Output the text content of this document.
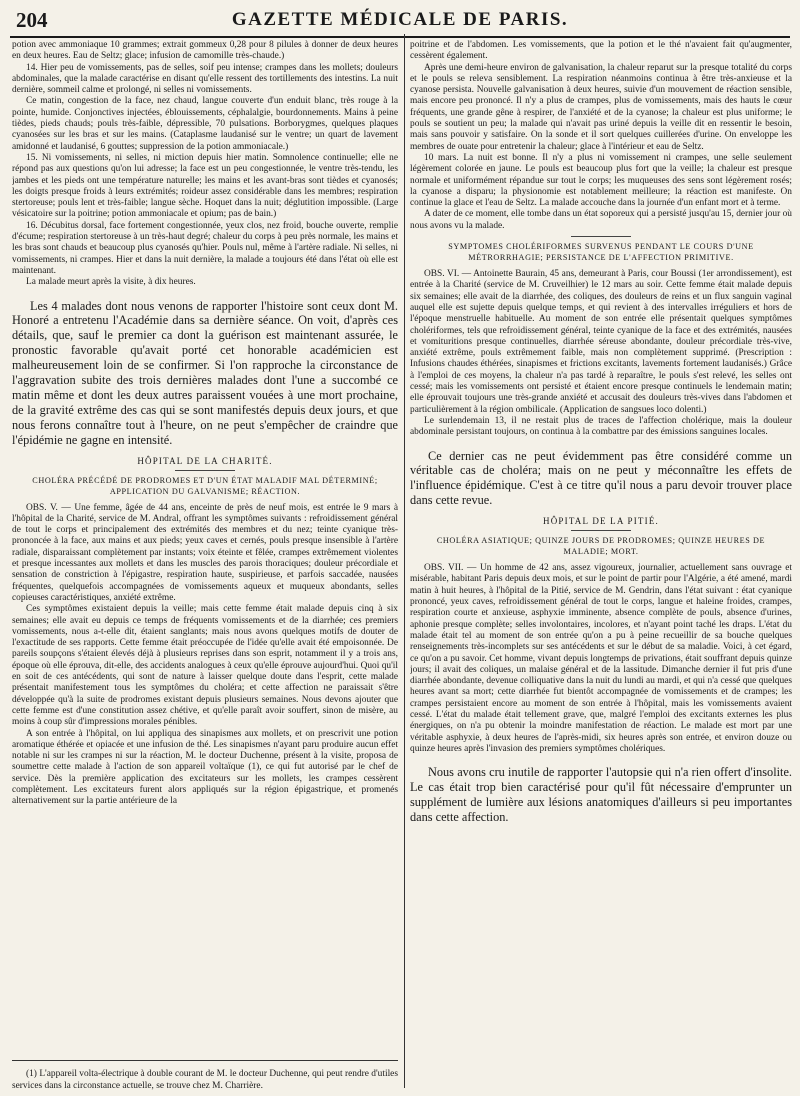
204	GAZETTE MÉDICALE DE PARIS.

potion avec ammoniaque 10 grammes; extrait gommeux 0,28 pour 8 pilules à donner de deux heures en deux heures. Eau de Seltz; glace; infusion de camomille très-chaude.)

14. Hier peu de vomissements, pas de selles, soif peu intense; crampes dans les mollets; douleurs abdominales, que la malade caractérise en disant qu'elle ressent des tortillements des intestins. La nuit dernière, sommeil calme et prolongé, ni selles ni vomissements.

Ce matin, congestion de la face, nez chaud, langue couverte d'un enduit blanc, très rouge à la pointe, humide. Conjonctives injectées, éblouissements, céphalalgie, bourdonnements. Mains à peine tièdes, pieds chauds; pouls très-faible, dépressible, 70 pulsations. Borborygmes, quelques plaques cyanosées sur les bras et sur les mains. (Cataplasme laudanisé sur le ventre; un quart de lavement amidonné et laudanisé, 6 gouttes; suppression de la potion ammoniacale.)

15. Ni vomissements, ni selles, ni miction depuis hier matin. Somnolence continuelle; elle ne répond pas aux questions qu'on lui adresse; la face est un peu congestionnée, le ventre très-tendu, les jambes et les pieds ont une température naturelle; les mains et les avant-bras sont tièdes et cyanosés; les doigts presque froids à leurs extrémités; roideur assez considérable dans les membres; respiration stertoreuse; pouls lent et très-faible; langue sèche. Hoquet dans la nuit; déglutition impossible. (Large vésicatoire sur la poitrine; potion ammoniacale et opium; pas de bain.)

16. Décubitus dorsal, face fortement congestionnée, yeux clos, nez froid, bouche ouverte, remplie d'écume; respiration stertoreuse à un très-haut degré; chaleur du corps à peu près normale, les mains et les bras sont chauds et beaucoup plus cyanosés qu'hier. Pouls nul, même à l'artère radiale. Ni selles, ni vomissements, ni crampes. Hier et dans la nuit dernière, la malade a toujours été dans l'état où elle est maintenant.

La malade meurt après la visite, à dix heures.

Les 4 malades dont nous venons de rapporter l'histoire sont ceux dont M. Honoré a entretenu l'Académie dans sa dernière séance. On voit, d'après ces détails, que, sauf le premier ca dont la guérison est maintenant assurée, le pronostic favorable qu'avait porté cet honorable académicien est malheureusement loin de se confirmer. Si l'on rapproche la circonstance de l'aggravation subite des trois dernières malades dont l'une a succombé ce matin même et dont les deux autres paraissent vouées à une mort prochaine, de la gravité extrême des cas qui se sont manifestés depuis deux jours, et que nous ferons connaître tout à l'heure, on ne peut s'empêcher de craindre que l'épidémie ne gagne en intensité.

HÔPITAL DE LA CHARITÉ.
CHOLÉRA PRÉCÉDÉ DE PRODROMES ET D'UN ÉTAT MALADIF MAL DÉTERMINÉ; APPLICATION DU GALVANISME; RÉACTION.

OBS. V. — Une femme, âgée de 44 ans, enceinte de près de neuf mois, est entrée le 9 mars à l'hôpital de la Charité, service de M. Andral, offrant les symptômes suivants : refroidissement général de tout le corps et principalement des extrémités des membres et du nez; teinte cyanique très-prononcée à la face, aux mains et aux pieds; yeux caves et cernés, pouls presque insensible à l'artère radiale, disparaissant complètement par instants; voix éteinte et fêlée, crampes extrêmement violentes et presque incessantes aux mollets et dans les muscles des parois thoraciques; douleur précordiale et sensation de constriction à l'épigastre, respiration haute, suspirieuse, et parfois saccadée, nausées fréquentes, quelquefois accompagnées de vomissements aqueux et muqueux abondants, selles copieuses caractéristiques, anxiété extrême.

Ces symptômes existaient depuis la veille; mais cette femme était malade depuis cinq à six semaines; elle avait eu depuis ce temps de fréquents vomissements et de la diarrhée; ces premiers vomissements, nous a-t-elle dit, étaient sanglants; mais nous avons quelques motifs de douter de l'exactitude de ses rapports. Cette femme était préoccupée de l'idée qu'elle avait été empoisonnée. De pareils soupçons s'étaient élevés déjà à plusieurs reprises dans son esprit, notamment il y a trois ans, époque où elle éprouva, dit-elle, des accidents analogues à ceux qu'elle éprouve aujourd'hui. Quoi qu'il en soit de ces antécédents, qui sont de nature à laisser quelque doute dans l'esprit, cette malade présentait manifestement tous les symptômes du choléra; et cette affection ne paraissait s'être développée qu'à la suite de prodromes existant depuis plusieurs semaines. Nous devons ajouter que cette femme est d'une constitution assez chétive, et qu'elle paraît avoir souffert, sinon de misère, au moins à coup sûr d'impressions morales pénibles.

A son entrée à l'hôpital, on lui appliqua des sinapismes aux mollets, et on prescrivit une potion aromatique éthérée et opiacée et une infusion de thé. Les sinapismes n'ayant paru produire aucun effet notable ni sur les crampes ni sur la réaction, M. le docteur Duchenne, présent à la visite, proposa de soumettre cette malade à l'action de son appareil voltaïque (1), ce qui fut autorisé par le chef de service. Dès la première application des excitateurs sur les mollets, les crampes cessèrent complètement. Les excitateurs furent alors appliqués sur la région épigastrique, et promenés alternativement sur la partie antérieure de la

(1) L'appareil volta-électrique à double courant de M. le docteur Duchenne, qui peut rendre d'utiles services dans la circonstance actuelle, se trouve chez M. Charrière.

poitrine et de l'abdomen. Les vomissements, que la potion et le thé n'avaient fait qu'augmenter, cessèrent également.

Après une demi-heure environ de galvanisation, la chaleur reparut sur la presque totalité du corps et le pouls se releva sensiblement. La respiration néanmoins continua à être très-anxieuse et la cyanose persista. Nouvelle galvanisation à deux heures, suivie d'un mouvement de réaction sensible, mais encore peu prononcé. Il n'y a plus de crampes, plus de vomissements, mais des hauts le cœur fréquents, une grande gêne à respirer, de l'anxiété et de la cyanose; la chaleur est plus uniforme; le pouls se soutient un peu; la malade qui n'avait pas uriné depuis la veille dit en ressentir le besoin, mais sans pouvoir y satisfaire. On la sonde et il sort quelques cuillerées d'urine. On enveloppe les membres de ouate pour entretenir la chaleur; glace à l'intérieur et eau de Seltz.

10 mars. La nuit est bonne. Il n'y a plus ni vomissement ni crampes, une selle seulement légèrement colorée en jaune. Le pouls est beaucoup plus fort que la veille; la chaleur est presque normale et uniformément répandue sur tout le corps; les muqueuses des sens sont légèrement rosés; la cyanose a disparu; la physionomie est notablement meilleure; la réaction est manifeste. On continue la glace et l'eau de Seltz. La malade accouche dans la journée d'un enfant mort et à terme.

A dater de ce moment, elle tombe dans un état soporeux qui a persisté jusqu'au 15, dernier jour où nous avons vu la malade.

SYMPTOMES CHOLÉRIFORMES SURVENUS PENDANT LE COURS D'UNE MÉTRORRHAGIE; PERSISTANCE DE L'AFFECTION PRIMITIVE.

OBS. VI. — Antoinette Baurain, 45 ans, demeurant à Paris, cour Boussi (1er arrondissement), est entrée à la Charité (service de M. Cruveilhier) le 12 mars au soir. Cette femme était malade depuis six semaines; elle avait de la diarrhée, des coliques, des douleurs de reins et un flux sanguin vaginal auquel elle est sujette depuis quelque temps, et qui revient à des intervalles irréguliers et hors de l'époque menstruelle habituelle. Au moment de son entrée elle présentait quelques symptômes cholériformes, tels que refroidissement général, teinte cyanique de la face et des extrémités, nausées et vomituritions presque continuelles, diarrhée séreuse abondante, douleur précordiale très-vive, anxiété extrême, pouls extrêmement faible, mais non complètement supprimé. (Prescription : Infusions chaudes éthérées, sinapismes et frictions excitants, lavements fortement laudanisés.) Grâce à l'emploi de ces moyens, la chaleur n'a pas tardé à reparaître, le pouls s'est relevé, les selles ont cessé; mais les vomissements ont persisté et étaient encore presque continuels le lendemain matin; elle éprouvait toujours une très-grande anxiété et accusait des douleurs très-vives dans l'abdomen et particulièrement à la région ombilicale. (Application de sangsues loco dolenti.)

Le surlendemain 13, il ne restait plus de traces de l'affection cholérique, mais la douleur abdominale persistant toujours, on continua à la combattre par des émissions sanguines locales.

Ce dernier cas ne peut évidemment pas être considéré comme un véritable cas de choléra; mais on ne peut y méconnaître les effets de l'influence épidémique. C'est à ce titre qu'il nous a paru devoir trouver place dans cette revue.

HÔPITAL DE LA PITIÉ.
CHOLÉRA ASIATIQUE; QUINZE JOURS DE PRODROMES; QUINZE HEURES DE MALADIE; MORT.

OBS. VII. — Un homme de 42 ans, assez vigoureux, journalier, actuellement sans ouvrage et misérable, habitant Paris depuis deux mois, et sur le point de partir pour l'Algérie, a été amené, mardi matin à huit heures, à l'hôpital de la Pitié, service de M. Gendrin, dans l'état suivant : état cyanique prononcé, yeux caves, refroidissement général de tout le corps, langue et haleine froides, crampes, respiration courte et anxieuse, asphyxie imminente, absence complète de pouls, absence d'urines, aphonie presque complète; selles involontaires, incolores, et n'ayant point taché les draps. L'état du malade était tel au moment de son entrée qu'on a pu à peine recueillir de sa bouche quelques renseignements très-incomplets sur ses antécédents et sur le début de sa maladie. Voici, à cet égard, ce qu'on a pu savoir. Cet homme, vivant depuis longtemps de privations, était souffrant depuis quinze jours; il avait des coliques, un malaise général et de la lassitude. Dimanche dernier il fut pris d'une diarrhée abondante, devenue colliquative dans la nuit du lundi au mardi, et qui n'a cessé que quelques heures avant sa mort; cette diarrhée fut bientôt accompagnée de vomissements et de crampes; les crampes persistaient encore au moment de son entrée à l'hôpital, mais les vomissements avaient cessé. L'état du malade était tellement grave, que, malgré l'emploi des excitants externes les plus énergiques, on n'a pu obtenir la moindre manifestation de réaction. Le malade est mort par une véritable asphyxie, à deux heures de l'après-midi, six heures après son entrée, et environ douze ou quinze heures après l'invasion des premiers symptômes cholériques.

Nous avons cru inutile de rapporter l'autopsie qui n'a rien offert d'insolite. Le cas était trop bien caractérisé pour qu'il fût nécessaire d'emprunter un supplément de lumière aux lésions anatomiques d'ailleurs si peu importantes dans cette affection.
